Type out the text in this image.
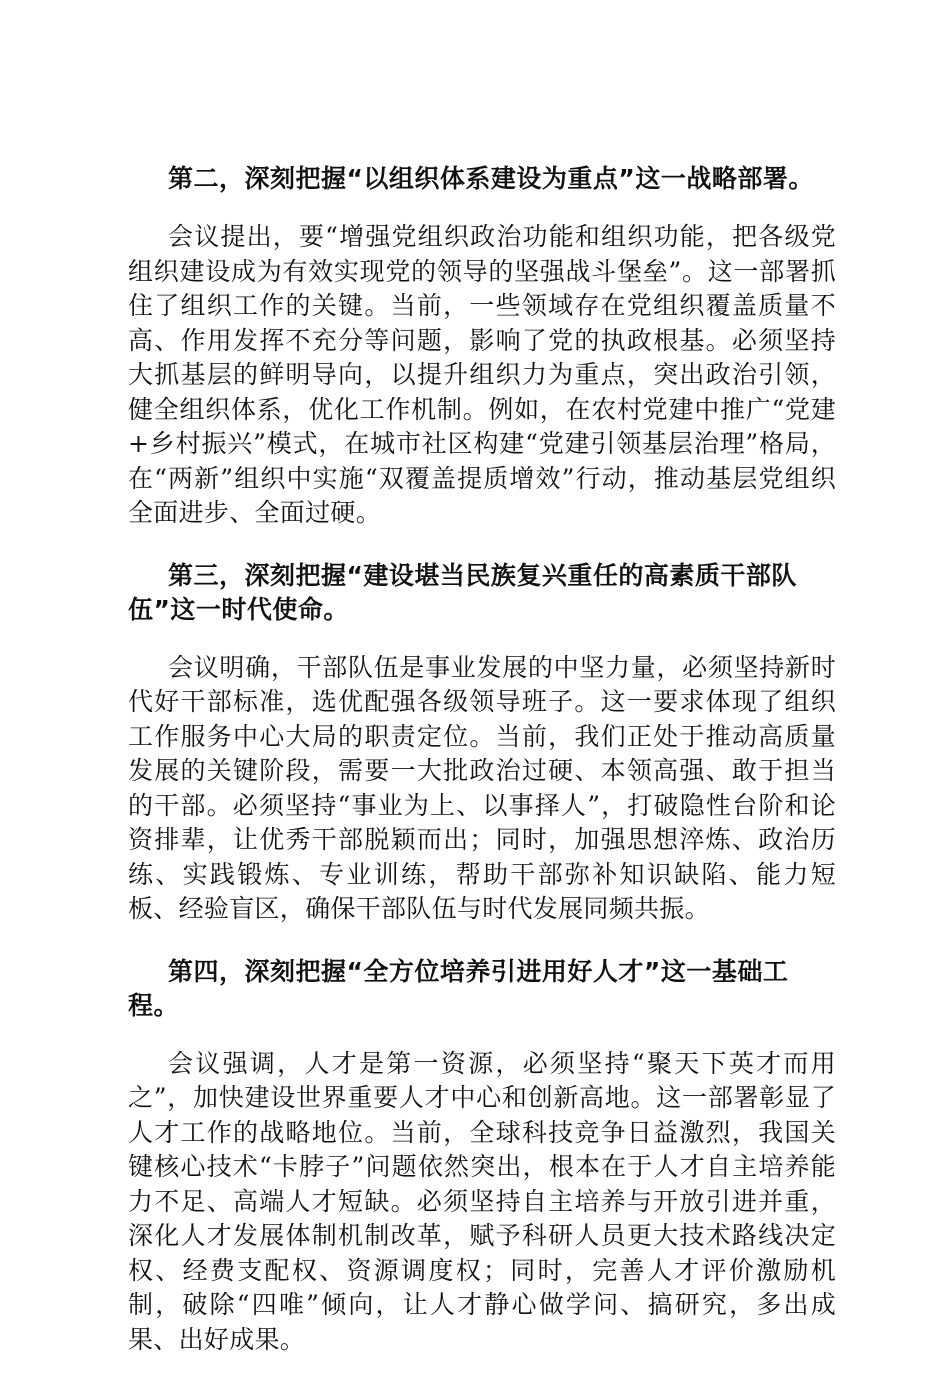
第二，深刻把握“以组织体系建设为重点”这一战略部署。

会议提出，要“增强党组织政治功能和组织功能，把各级党组织建设成为有效实现党的领导的坚强战斗堡垒”。这一部署抓住了组织工作的关键。当前，一些领域存在党组织覆盖质量不高、作用发挥不充分等问题，影响了党的执政根基。必须坚持大抓基层的鲜明导向，以提升组织力为重点，突出政治引领，健全组织体系，优化工作机制。例如，在农村党建中推广“党建+乡村振兴”模式，在城市社区构建“党建引领基层治理”格局，在“两新”组织中实施“双覆盖提质增效”行动，推动基层党组织全面进步、全面过硬。

第三，深刻把握“建设堪当民族复兴重任的高素质干部队伍”这一时代使命。

会议明确，干部队伍是事业发展的中坚力量，必须坚持新时代好干部标准，选优配强各级领导班子。这一要求体现了组织工作服务中心大局的职责定位。当前，我们正处于推动高质量发展的关键阶段，需要一大批政治过硬、本领高强、敢于担当的干部。必须坚持“事业为上、以事择人”，打破隐性台阶和论资排辈，让优秀干部脱颖而出；同时，加强思想淬炼、政治历练、实践锻炼、专业训练，帮助干部弥补知识缺陷、能力短板、经验盲区，确保干部队伍与时代发展同频共振。

第四，深刻把握“全方位培养引进用好人才”这一基础工程。

会议强调，人才是第一资源，必须坚持“聚天下英才而用之”，加快建设世界重要人才中心和创新高地。这一部署彰显了人才工作的战略地位。当前，全球科技竞争日益激烈，我国关键核心技术“卡脖子”问题依然突出，根本在于人才自主培养能力不足、高端人才短缺。必须坚持自主培养与开放引进并重，深化人才发展体制机制改革，赋予科研人员更大技术路线决定权、经费支配权、资源调度权；同时，完善人才评价激励机制，破除“四唯”倾向，让人才静心做学问、搞研究，多出成果、出好成果。
